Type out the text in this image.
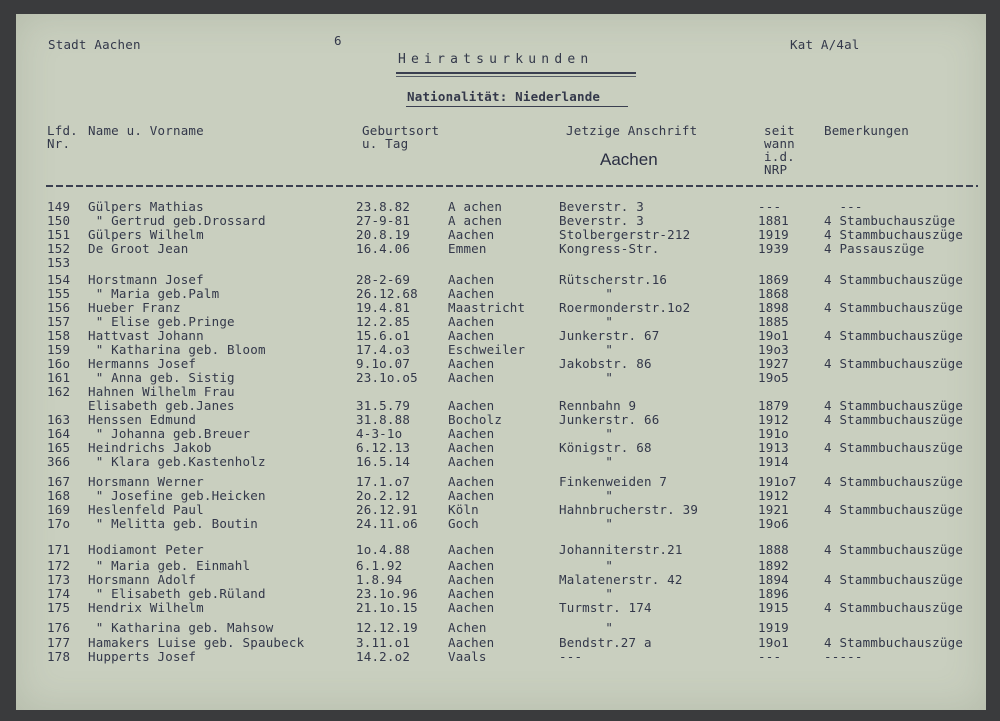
Stadt Aachen	6	Kat A/4al
Heiratsurkunden
Nationalität: Niederlande
Lfd.
Nr.
Name u. Vorname	Geburtsort
u. Tag
Jetzige Anschrift	seit
wann
i.d.
NRP
Bemerkungen
Aachen
149 Gülpers Mathias	23.8.82	A achen	Beverstr. 3	---	---
150 " Gertrud geb.Drossard	27-9-81	A achen	Beverstr. 3	1881	4 Stambuchauszüge
151 Gülpers Wilhelm	20.8.19	Aachen	Stolbergerstr-212	1919	4 Stammbuchauszüge
152 De Groot Jean	16.4.06	Emmen	Kongress-Str.	1939	4 Passauszüge
153
154 Horstmann Josef	28-2-69	Aachen	Rütscherstr.16	1869	4 Stammbuchauszüge
155 " Maria geb.Palm	26.12.68 Aachen	"	1868
156 Hueber Franz	19.4.81	Maastricht	Roermonderstr.1o2	1898	4 Stammbuchauszüge
157 " Elise geb.Pringe	12.2.85	Aachen	"	1885
158 Hattvast Johann	15.6.o1	Aachen	Junkerstr. 67	19o1	4 Stammbuchauszüge
159 " Katharina geb. Bloom	17.4.o3	Eschweiler	"	19o3
16o Hermanns Josef	9.1o.07	Aachen	Jakobstr. 86	1927	4 Stammbuchauszüge
161 " Anna geb. Sistig	23.1o.o5 Aachen	"	19o5
162 Hahnen Wilhelm Frau
Elisabeth geb.Janes	31.5.79	Aachen	Rennbahn 9	1879	4 Stammbuchauszüge
163 Henssen Edmund	31.8.88	Bocholz	Junkerstr. 66	1912	4 Stammbuchauszüge
164 " Johanna geb.Breuer	4-3-1o	Aachen	"	191o
165 Heindrichs Jakob	6.12.13	Aachen	Königstr. 68	1913	4 Stammbuchauszüge
366 " Klara geb.Kastenholz	16.5.14	Aachen	"	1914
167 Horsmann Werner	17.1.o7	Aachen	Finkenweiden 7	191o7 4 Stammbuchauszüge
168 " Josefine geb.Heicken	2o.2.12	Aachen	"	1912
169 Heslenfeld Paul	26.12.91 Köln	Hahnbrucherstr. 39	1921	4 Stammbuchauszüge
17o " Melitta geb. Boutin	24.11.o6 Goch	"	19o6
171 Hodiamont Peter	1o.4.88	Aachen	Johanniterstr.21	1888	4 Stammbuchauszüge
172 " Maria geb. Einmahl	6.1.92	Aachen	"	1892
173 Horsmann Adolf	1.8.94	Aachen	Malatenerstr. 42	1894	4 Stammbuchauszüge
174 " Elisabeth geb.Rüland	23.1o.96 Aachen	"	1896
175 Hendrix Wilhelm	21.1o.15 Aachen	Turmstr. 174	1915	4 Stammbuchauszüge
176 " Katharina geb. Mahsow	12.12.19 Achen	"	1919
177 Hamakers Luise geb. Spaubeck	3.11.o1	Aachen	Bendstr.27 a	19o1	4 Stammbuchauszüge
178 Hupperts Josef	14.2.o2	Vaals	---	---	-----
